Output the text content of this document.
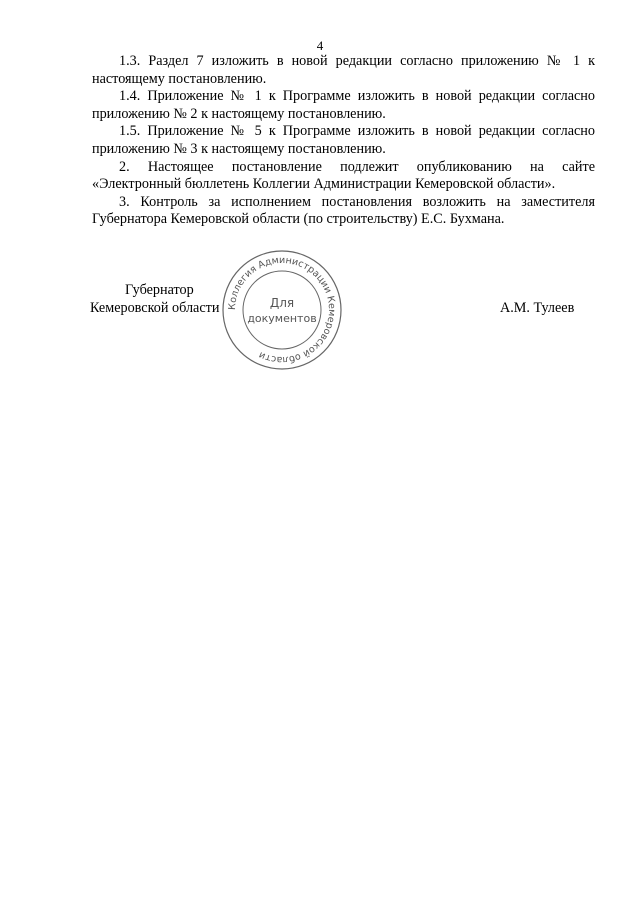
4

1.3. Раздел 7 изложить в новой редакции согласно приложению № 1 к настоящему постановлению.

1.4. Приложение № 1 к Программе изложить в новой редакции согласно приложению № 2 к настоящему постановлению.

1.5. Приложение № 5 к Программе изложить в новой редакции согласно приложению № 3 к настоящему постановлению.

2. Настоящее постановление подлежит опубликованию на сайте «Электронный бюллетень Коллегии Администрации Кемеровской области».

3. Контроль за исполнением постановления возложить на заместителя Губернатора Кемеровской области (по строительству) Е.С. Бухмана.

Губернатор
Кемеровской области	А.М. Тулеев
Коллегия Администрации Кемеровской области
Для
документов
